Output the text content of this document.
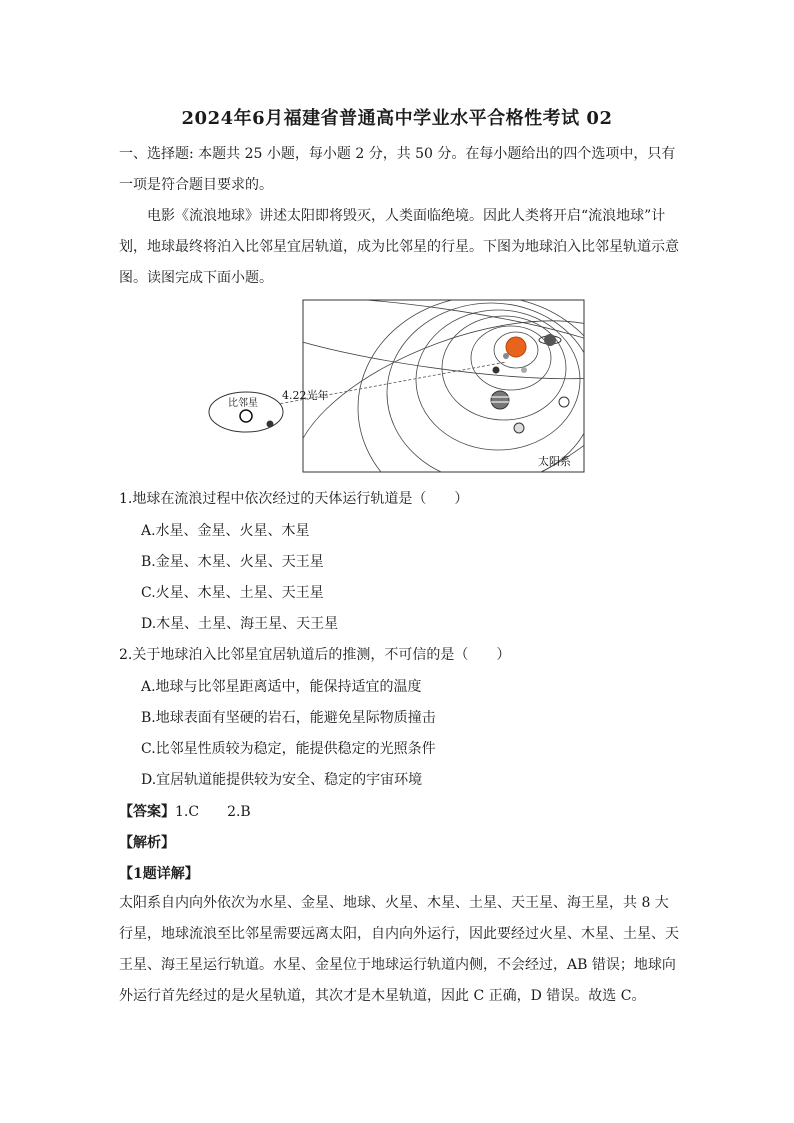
2024年6月福建省普通高中学业水平合格性考试 02
一、选择题: 本题共 25 小题，每小题 2 分，共 50 分。在每小题给出的四个选项中，只有一项是符合题目要求的。
电影《流浪地球》讲述太阳即将毁灭，人类面临绝境。因此人类将开启“流浪地球”计划，地球最终将泊入比邻星宜居轨道，成为比邻星的行星。下图为地球泊入比邻星轨道示意图。读图完成下面小题。
比邻星
4.22光年
太阳系
1.地球在流浪过程中依次经过的天体运行轨道是（　　）
A.水星、金星、火星、木星
B.金星、木星、火星、天王星
C.火星、木星、土星、天王星
D.木星、土星、海王星、天王星
2.关于地球泊入比邻星宜居轨道后的推测，不可信的是（　　）
A.地球与比邻星距离适中，能保持适宜的温度
B.地球表面有坚硬的岩石，能避免星际物质撞击
C.比邻星性质较为稳定，能提供稳定的光照条件
D.宜居轨道能提供较为安全、稳定的宇宙环境
【答案】1.C　　2.B
【解析】
【1题详解】
太阳系自内向外依次为水星、金星、地球、火星、木星、土星、天王星、海王星，共 8 大行星，地球流浪至比邻星需要远离太阳，自内向外运行，因此要经过火星、木星、土星、天王星、海王星运行轨道。水星、金星位于地球运行轨道内侧，不会经过，AB 错误；地球向外运行首先经过的是火星轨道，其次才是木星轨道，因此 C 正确，D 错误。故选 C。
